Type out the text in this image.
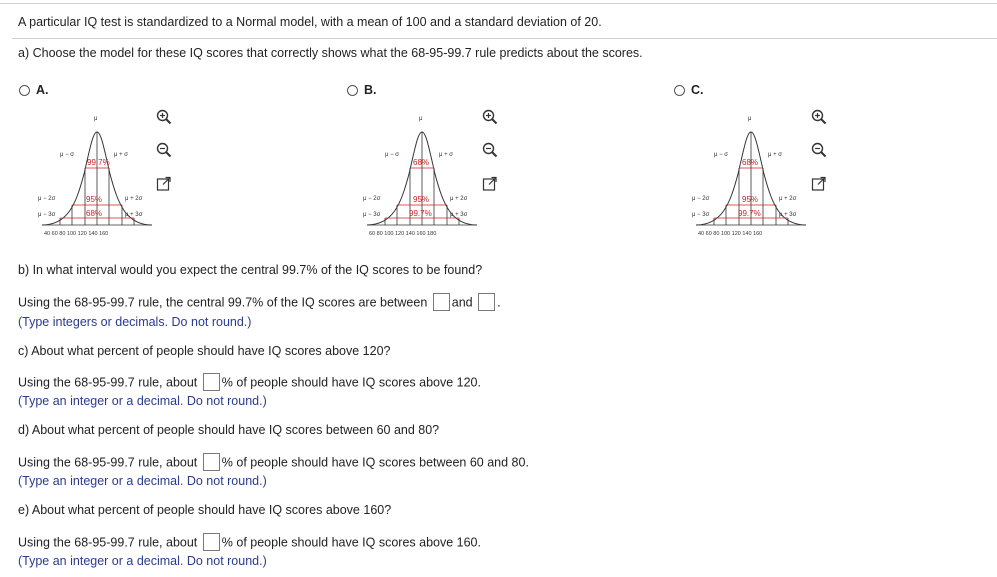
A particular IQ test is standardized to a Normal model, with a mean of 100 and a standard deviation of 20.
a) Choose the model for these IQ scores that correctly shows what the 68-95-99.7 rule predicts about the scores.
A.
μ
μ − σ	μ + σ
μ − 2σ	μ + 2σ
μ − 3σ	μ + 3σ
40 60 80 100 120 140 160
99.7%
95%
68%
B.
μ
μ − σ	μ + σ
μ − 2σ	μ + 2σ
μ − 3σ	μ + 3σ
60 80 100 120 140 160 180
68%
95%
99.7%
C.
μ
μ − σ	μ + σ
μ − 2σ	μ + 2σ
μ − 3σ	μ + 3σ
40 60 80 100 120 140 160
68%
95%
99.7%
b) In what interval would you expect the central 99.7% of the IQ scores to be found?
Using the 68-95-99.7 rule, the central 99.7% of the IQ scores are between and .
(Type integers or decimals. Do not round.)
c) About what percent of people should have IQ scores above 120?
Using the 68-95-99.7 rule, about % of people should have IQ scores above 120.
(Type an integer or a decimal. Do not round.)
d) About what percent of people should have IQ scores between 60 and 80?
Using the 68-95-99.7 rule, about % of people should have IQ scores between 60 and 80.
(Type an integer or a decimal. Do not round.)
e) About what percent of people should have IQ scores above 160?
Using the 68-95-99.7 rule, about % of people should have IQ scores above 160.
(Type an integer or a decimal. Do not round.)
